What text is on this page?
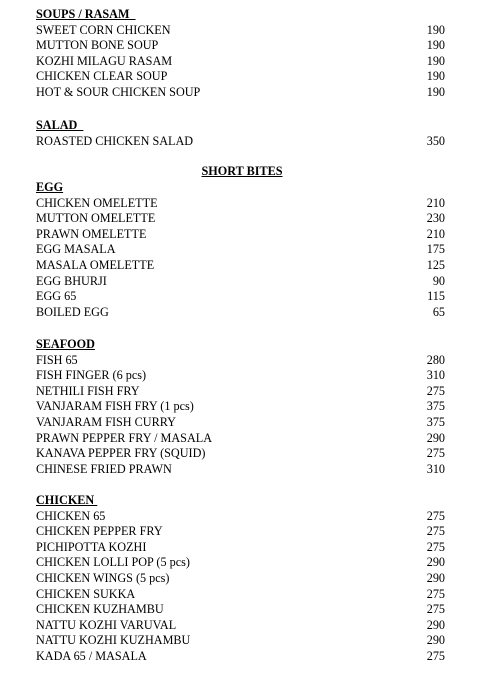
SHORT BITES
SOUPS / RASAM
SWEET CORN CHICKEN	190
MUTTON BONE SOUP	190
KOZHI MILAGU RASAM	190
CHICKEN CLEAR SOUP	190
HOT & SOUR CHICKEN SOUP	190
SALAD
ROASTED CHICKEN SALAD	350
EGG
CHICKEN OMELETTE	210
MUTTON OMELETTE	230
PRAWN OMELETTE	210
EGG MASALA	175
MASALA OMELETTE	125
EGG BHURJI	90
EGG 65	115
BOILED EGG	65
SEAFOOD
FISH 65	280
FISH FINGER (6 pcs)	310
NETHILI FISH FRY	275
VANJARAM FISH FRY (1 pcs)	375
VANJARAM FISH CURRY	375
PRAWN PEPPER FRY / MASALA	290
KANAVA PEPPER FRY (SQUID)	275
CHINESE FRIED PRAWN	310
CHICKEN
CHICKEN 65	275
CHICKEN PEPPER FRY	275
PICHIPOTTA KOZHI	275
CHICKEN LOLLI POP (5 pcs)	290
CHICKEN WINGS (5 pcs)	290
CHICKEN SUKKA	275
CHICKEN KUZHAMBU	275
NATTU KOZHI VARUVAL	290
NATTU KOZHI KUZHAMBU	290
KADA 65 / MASALA	275
